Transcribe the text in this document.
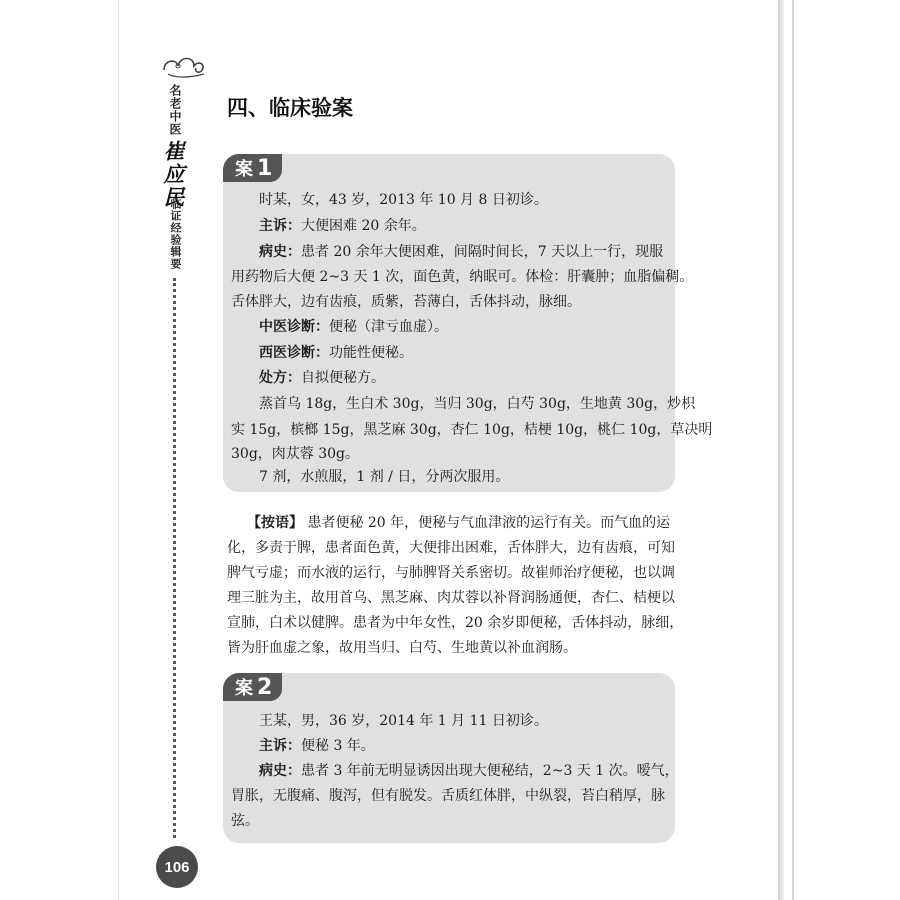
名老中医
崔应民
临证经验辑要
106
四、临床验案
案 1
时某，女，43 岁，2013 年 10 月 8 日初诊。
主诉：大便困难 20 余年。
病史：患者 20 余年大便困难，间隔时间长，7 天以上一行，现服
用药物后大便 2~3 天 1 次，面色黄，纳眠可。体检：肝囊肿；血脂偏稠。
舌体胖大，边有齿痕，质紫，苔薄白，舌体抖动，脉细。
中医诊断：便秘（津亏血虚）。
西医诊断：功能性便秘。
处方：自拟便秘方。
蒸首乌 18g，生白术 30g，当归 30g，白芍 30g，生地黄 30g，炒枳
实 15g，槟榔 15g，黑芝麻 30g，杏仁 10g，桔梗 10g，桃仁 10g，草决明
30g，肉苁蓉 30g。
7 剂，水煎服，1 剂 / 日，分两次服用。
【按语】 患者便秘 20 年，便秘与气血津液的运行有关。而气血的运
化，多责于脾，患者面色黄，大便排出困难，舌体胖大，边有齿痕，可知
脾气亏虚；而水液的运行，与肺脾肾关系密切。故崔师治疗便秘，也以调
理三脏为主，故用首乌、黑芝麻、肉苁蓉以补肾润肠通便，杏仁、桔梗以
宣肺，白术以健脾。患者为中年女性，20 余岁即便秘，舌体抖动，脉细，
皆为肝血虚之象，故用当归、白芍、生地黄以补血润肠。
案 2
王某，男，36 岁，2014 年 1 月 11 日初诊。
主诉：便秘 3 年。
病史：患者 3 年前无明显诱因出现大便秘结，2~3 天 1 次。嗳气，
胃胀，无腹痛、腹泻，但有脱发。舌质红体胖，中纵裂，苔白稍厚，脉
弦。
